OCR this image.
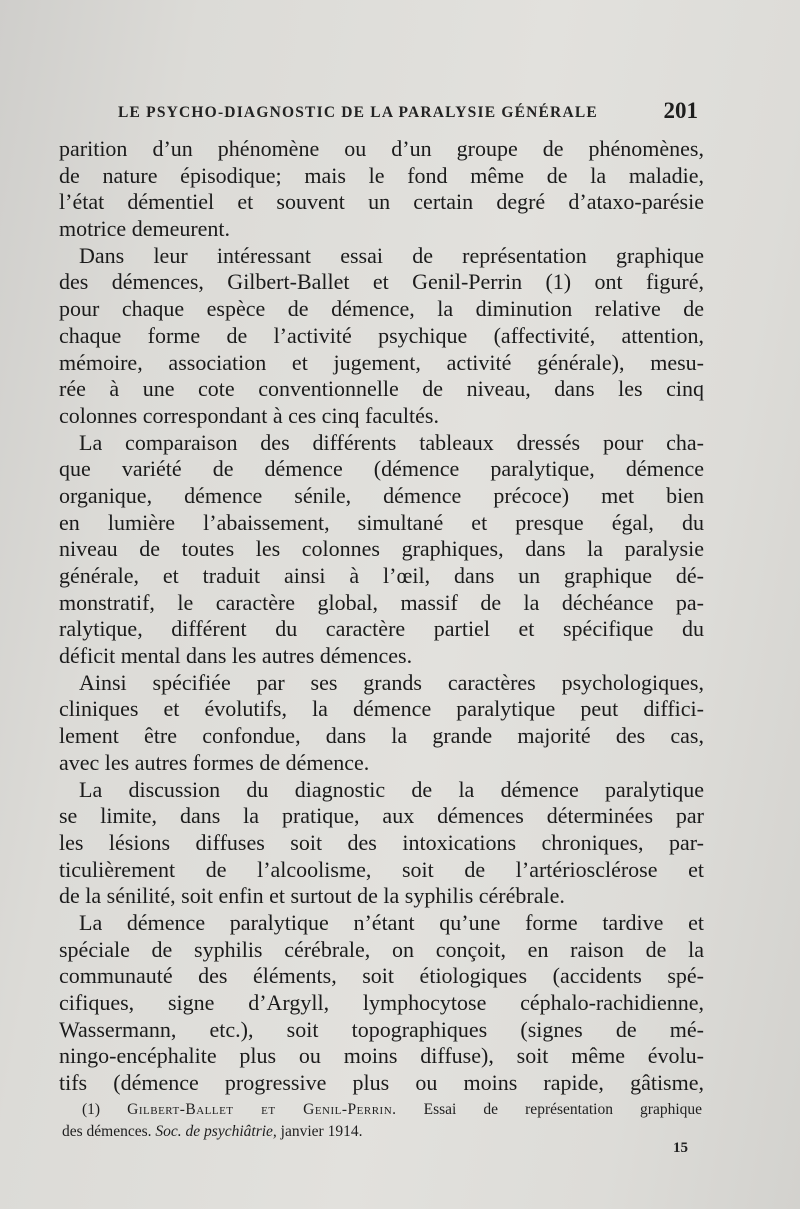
LE PSYCHO-DIAGNOSTIC DE LA PARALYSIE GÉNÉRALE	201
parition d’un phénomène ou d’un groupe de phénomènes,
de nature épisodique; mais le fond même de la maladie,
l’état démentiel et souvent un certain degré d’ataxo-parésie
motrice demeurent.
Dans leur intéressant essai de représentation graphique
des démences, Gilbert-Ballet et Genil-Perrin (1) ont figuré,
pour chaque espèce de démence, la diminution relative de
chaque forme de l’activité psychique (affectivité, attention,
mémoire, association et jugement, activité générale), mesu-
rée à une cote conventionnelle de niveau, dans les cinq
colonnes correspondant à ces cinq facultés.
La comparaison des différents tableaux dressés pour cha-
que variété de démence (démence paralytique, démence
organique, démence sénile, démence précoce) met bien
en lumière l’abaissement, simultané et presque égal, du
niveau de toutes les colonnes graphiques, dans la paralysie
générale, et traduit ainsi à l’œil, dans un graphique dé-
monstratif, le caractère global, massif de la déchéance pa-
ralytique, différent du caractère partiel et spécifique du
déficit mental dans les autres démences.
Ainsi spécifiée par ses grands caractères psychologiques,
cliniques et évolutifs, la démence paralytique peut diffici-
lement être confondue, dans la grande majorité des cas,
avec les autres formes de démence.
La discussion du diagnostic de la démence paralytique
se limite, dans la pratique, aux démences déterminées par
les lésions diffuses soit des intoxications chroniques, par-
ticulièrement de l’alcoolisme, soit de l’artériosclérose et
de la sénilité, soit enfin et surtout de la syphilis cérébrale.
La démence paralytique n’étant qu’une forme tardive et
spéciale de syphilis cérébrale, on conçoit, en raison de la
communauté des éléments, soit étiologiques (accidents spé-
cifiques, signe d’Argyll, lymphocytose céphalo-rachidienne,
Wassermann, etc.), soit topographiques (signes de mé-
ningo-encéphalite plus ou moins diffuse), soit même évolu-
tifs (démence progressive plus ou moins rapide, gâtisme,
(1) Gilbert-Ballet et Genil-Perrin. Essai de représentation graphique
des démences. Soc. de psychiâtrie, janvier 1914.
15
